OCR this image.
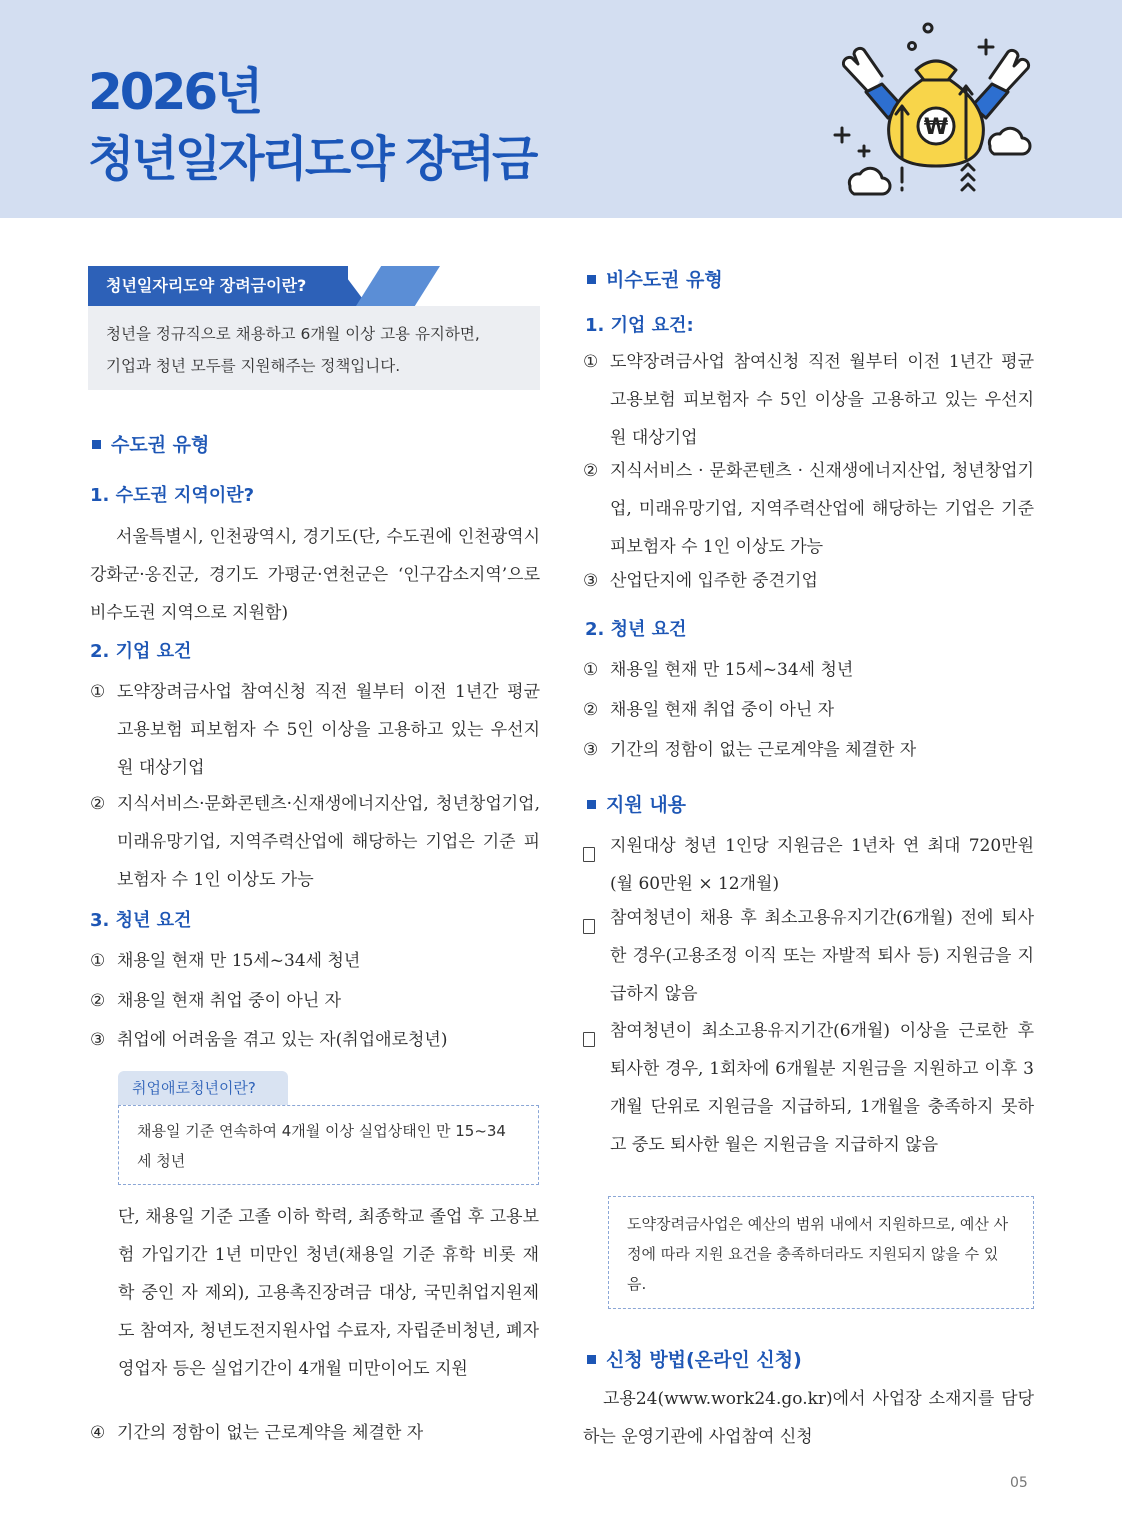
2026년
청년일자리도약 장려금
₩
청년일자리도약 장려금이란?
청년을 정규직으로 채용하고 6개월 이상 고용 유지하면,
기업과 청년 모두를 지원해주는 정책입니다.
수도권 유형
1. 수도권 지역이란?
서울특별시, 인천광역시, 경기도(단, 수도권에 인천광역시 강화군·옹진군, 경기도 가평군·연천군은 ‘인구감소지역’으로 비수도권 지역으로 지원함)
2. 기업 요건
① 도약장려금사업 참여신청 직전 월부터 이전 1년간 평균 고용보험 피보험자 수 5인 이상을 고용하고 있는 우선지원 대상기업
② 지식서비스·문화콘텐츠·신재생에너지산업, 청년창업기업, 미래유망기업, 지역주력산업에 해당하는 기업은 기준 피보험자 수 1인 이상도 가능
3. 청년 요건
① 채용일 현재 만 15세~34세 청년
② 채용일 현재 취업 중이 아닌 자
③ 취업에 어려움을 겪고 있는 자(취업애로청년)
취업애로청년이란?
채용일 기준 연속하여 4개월 이상 실업상태인 만 15~34세 청년
단, 채용일 기준 고졸 이하 학력, 최종학교 졸업 후 고용보험 가입기간 1년 미만인 청년(채용일 기준 휴학 비롯 재학 중인 자 제외), 고용촉진장려금 대상, 국민취업지원제도 참여자, 청년도전지원사업 수료자, 자립준비청년, 폐자영업자 등은 실업기간이 4개월 미만이어도 지원
④ 기간의 정함이 없는 근로계약을 체결한 자
비수도권 유형
1. 기업 요건:
① 도약장려금사업 참여신청 직전 월부터 이전 1년간 평균 고용보험 피보험자 수 5인 이상을 고용하고 있는 우선지원 대상기업
② 지식서비스 · 문화콘텐츠 · 신재생에너지산업, 청년창업기업, 미래유망기업, 지역주력산업에 해당하는 기업은 기준 피보험자 수 1인 이상도 가능
③ 산업단지에 입주한 중견기업
2. 청년 요건
① 채용일 현재 만 15세~34세 청년
② 채용일 현재 취업 중이 아닌 자
③ 기간의 정함이 없는 근로계약을 체결한 자
지원 내용
지원대상 청년 1인당 지원금은 1년차 연 최대 720만원(월 60만원 × 12개월)
참여청년이 채용 후 최소고용유지기간(6개월) 전에 퇴사한 경우(고용조정 이직 또는 자발적 퇴사 등) 지원금을 지급하지 않음
참여청년이 최소고용유지기간(6개월) 이상을 근로한 후 퇴사한 경우, 1회차에 6개월분 지원금을 지원하고 이후 3개월 단위로 지원금을 지급하되, 1개월을 충족하지 못하고 중도 퇴사한 월은 지원금을 지급하지 않음
도약장려금사업은 예산의 범위 내에서 지원하므로, 예산 사정에 따라 지원 요건을 충족하더라도 지원되지 않을 수 있음.
신청 방법(온라인 신청)
고용24(www.work24.go.kr)에서 사업장 소재지를 담당하는 운영기관에 사업참여 신청
05
